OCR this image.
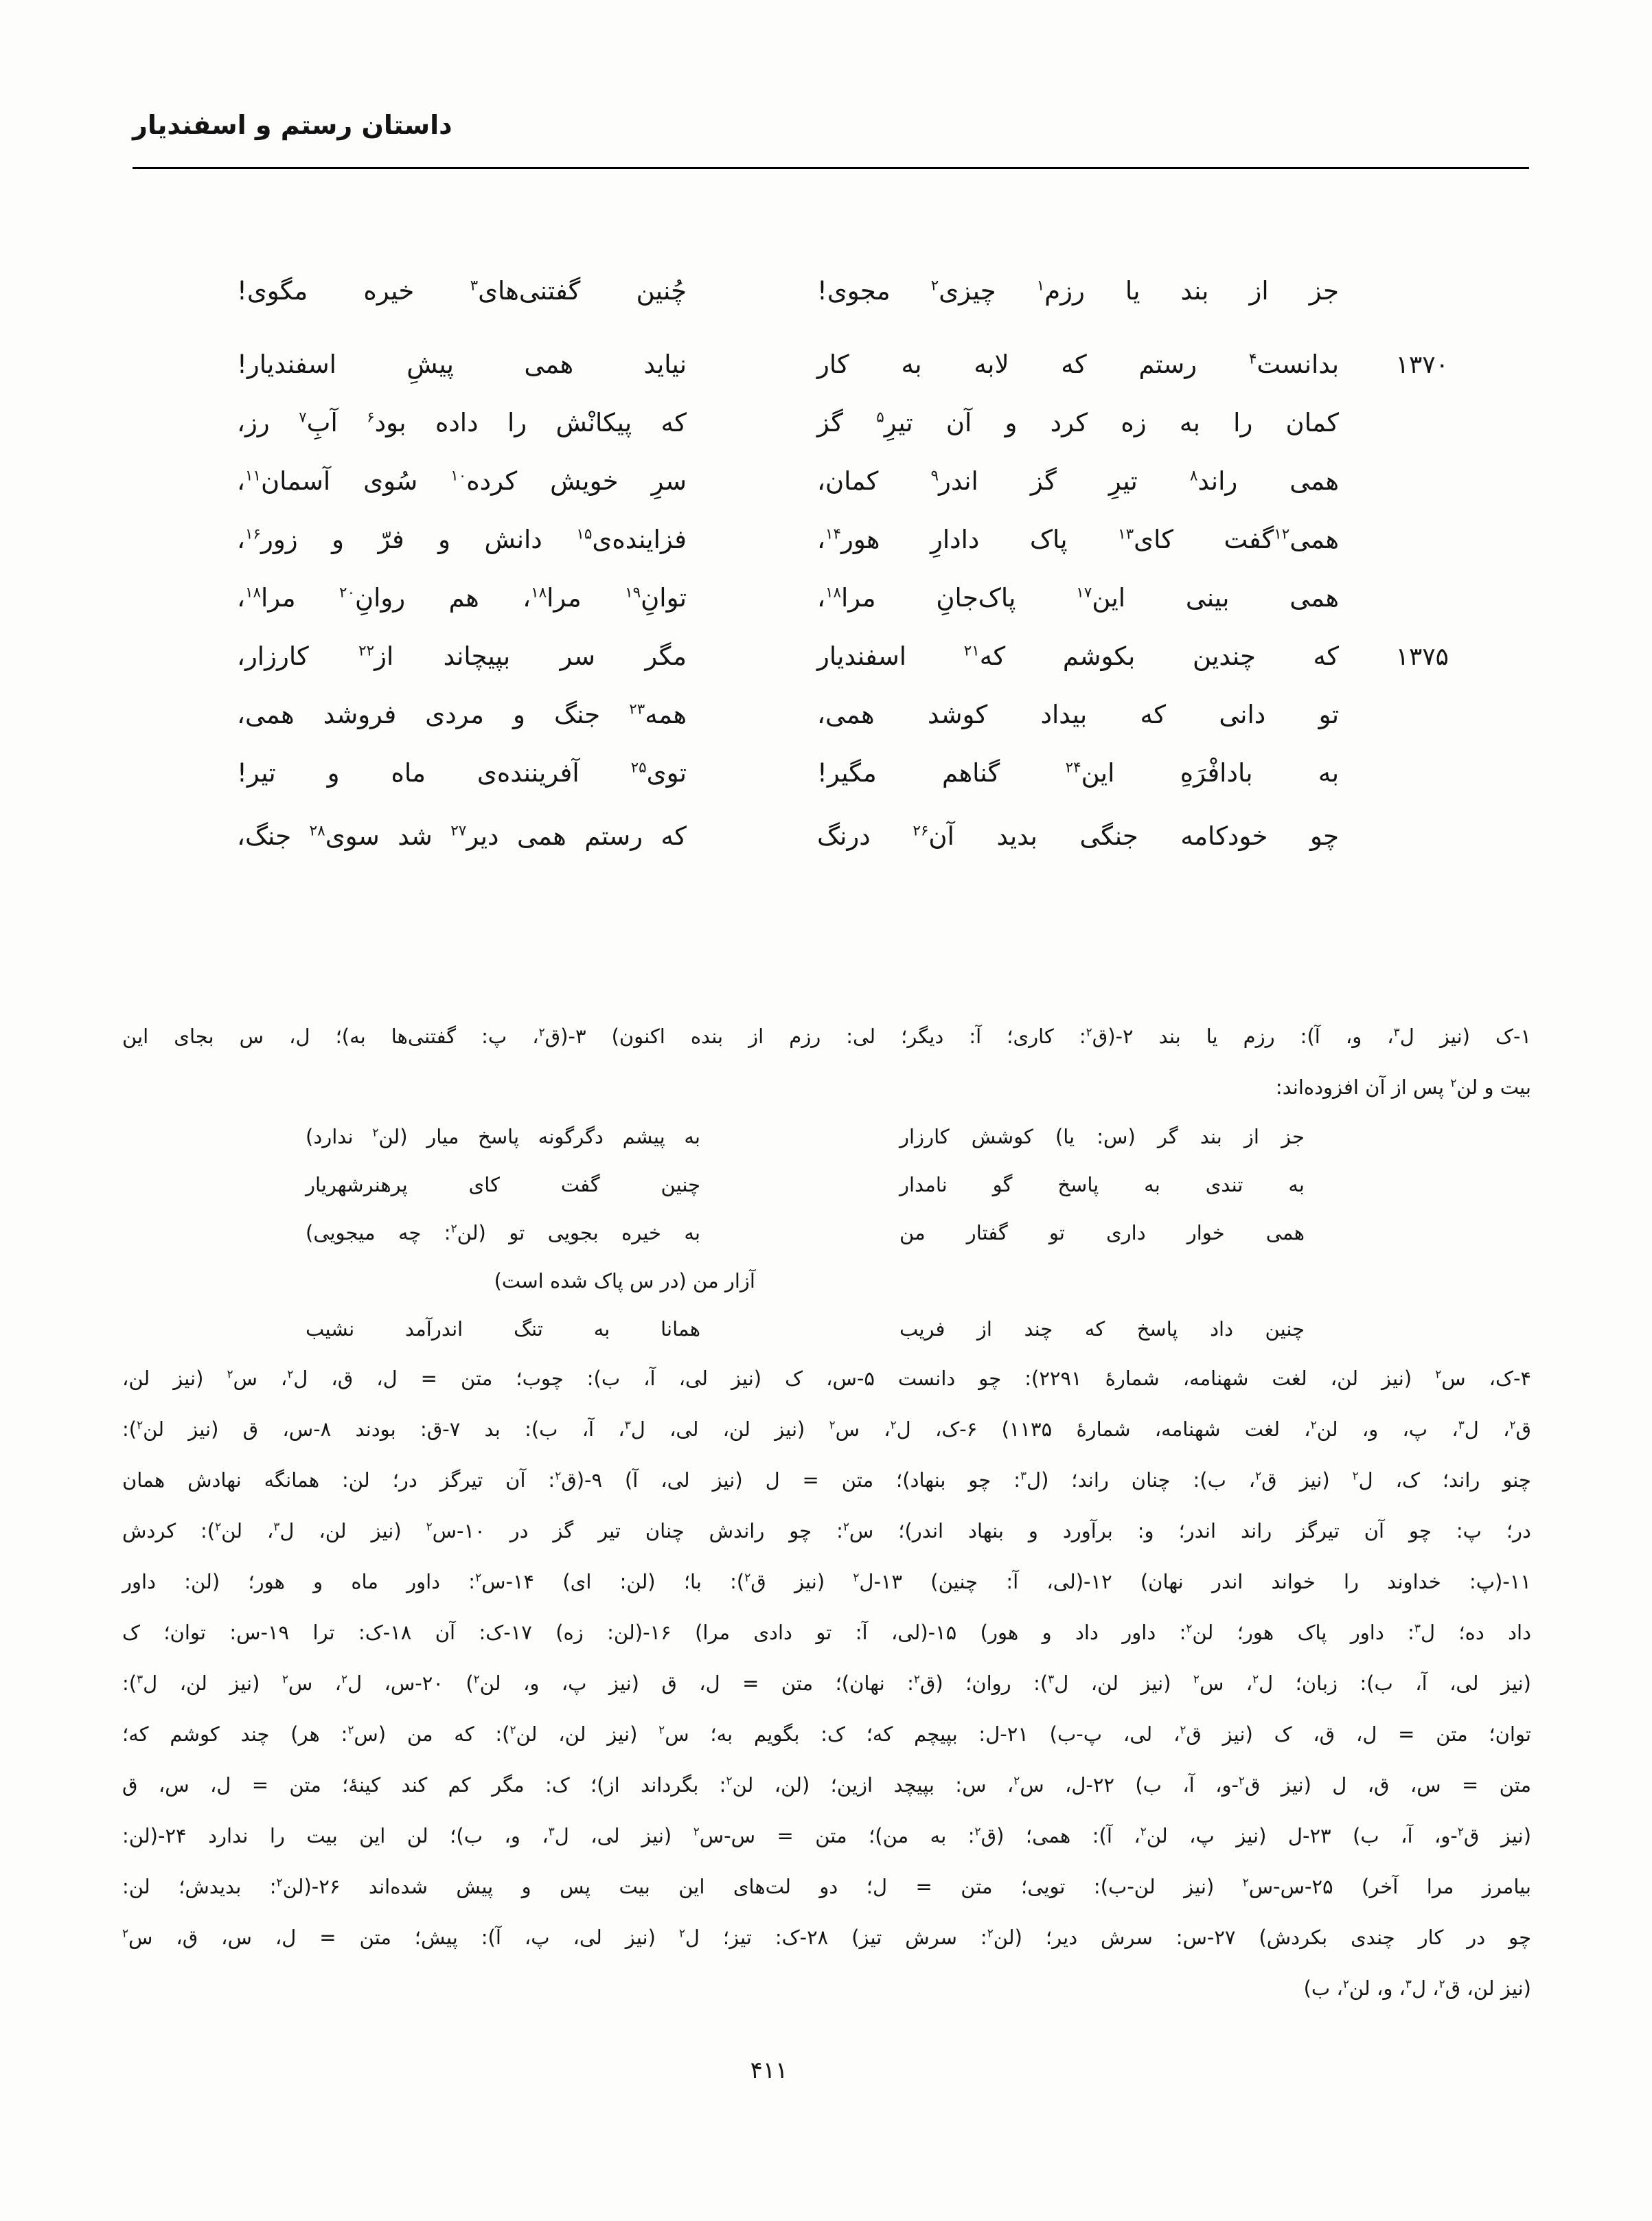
داستان رستم و اسفندیار
جز از بند یا رزم$^۱$ چیزی$^۲$ مجوی!
چُنین گفتنی‌های$^۳$ خیره مگوی!
۱۳۷۰
بدانست$^۴$ رستم که لابه به کار
نیاید همی پیشِ اسفندیار!
کمان را به زه کرد و آن تیرِ$^۵$ گز
که پیکانْش را داده بود$^۶$ آبِ$^۷$ رز،
همی راند$^۸$ تیرِ گز اندر$^۹$ کمان،
سرِ خویش کرده$^{۱۰}$ سُوی آسمان$^{۱۱}$،
همی$^{۱۲}$گفت کای$^{۱۳}$ پاک دادارِ هور$^{۱۴}$،
فزاینده‌ی$^{۱۵}$ دانش و فرّ و زور$^{۱۶}$،
همی بینی این$^{۱۷}$ پاک‌جانِ مرا$^{۱۸}$،
توانِ$^{۱۹}$ مرا$^{۱۸}$، هم روانِ$^{۲۰}$ مرا$^{۱۸}$،
۱۳۷۵
که چندین بکوشم که$^{۲۱}$ اسفندیار
مگر سر بپیچاند از$^{۲۲}$ کارزار،
تو دانی که بیداد کوشد همی،
همه$^{۲۳}$ جنگ و مردی فروشد همی،
به بادافْرَهِ این$^{۲۴}$ گناهم مگیر!
توی$^{۲۵}$ آفریننده‌ی ماه و تیر!
چو خودکامه جنگی بدید آن$^{۲۶}$ درنگ
که رستم همی دیر$^{۲۷}$ شد سوی$^{۲۸}$ جنگ،
۱-ک (نیز ل$^۳$، و، آ): رزم یا بند ۲-(ق$^۲$: کاری؛ آ: دیگر؛ لی: رزم از بنده اکنون) ۳-(ق$^۲$، پ: گفتنی‌ها به)؛ ل، س بجای این
بیت و لن$^۲$ پس از آن افزوده‌اند:
جز از بند گر (س: یا) کوشش کارزار
به پیشم دگرگونه پاسخ میار (لن$^۲$ ندارد)
به تندی به پاسخ گو نامدار
چنین گفت کای پرهنرشهریار
همی خوار داری تو گفتار من
به خیره بجویی تو (لن$^۲$: چه میجویی)
آزار من (در س پاک شده است)
چنین داد پاسخ که چند از فریب
همانا به تنگ اندرآمد نشیب
۴-ک، س$^۲$ (نیز لن، لغت شهنامه، شمارهٔ ۲۲۹۱): چو دانست ۵-س، ک (نیز لی، آ، ب): چوب؛ متن = ل، ق، ل$^۲$، س$^۲$ (نیز لن،
ق$^۲$، ل$^۳$، پ، و، لن$^۲$، لغت شهنامه، شمارهٔ ۱۱۳۵) ۶-ک، ل$^۲$، س$^۲$ (نیز لن، لی، ل$^۳$، آ، ب): بد ۷-ق: بودند ۸-س، ق (نیز لن$^۲$):
چنو راند؛ ک، ل$^۲$ (نیز ق$^۲$، ب): چنان راند؛ (ل$^۳$: چو بنهاد)؛ متن = ل (نیز لی، آ) ۹-(ق$^۲$: آن تیرگز در؛ لن: همانگه نهادش همان
در؛ پ: چو آن تیرگز راند اندر؛ و: برآورد و بنهاد اندر)؛ س$^۲$: چو راندش چنان تیر گز در ۱۰-س$^۲$ (نیز لن، ل$^۳$، لن$^۲$): کردش
۱۱-(پ: خداوند را خواند اندر نهان) ۱۲-(لی، آ: چنین) ۱۳-ل$^۲$ (نیز ق$^۲$): با؛ (لن: ای) ۱۴-س$^۲$: داور ماه و هور؛ (لن: داور
داد ده؛ ل$^۳$: داور پاک هور؛ لن$^۲$: داور داد و هور) ۱۵-(لی، آ: تو دادی مرا) ۱۶-(لن: زه) ۱۷-ک: آن ۱۸-ک: ترا ۱۹-س: توان؛ ک
(نیز لی، آ، ب): زبان؛ ل$^۲$، س$^۲$ (نیز لن، ل$^۳$): روان؛ (ق$^۲$: نهان)؛ متن = ل، ق (نیز پ، و، لن$^۲$) ۲۰-س، ل$^۲$، س$^۲$ (نیز لن، ل$^۳$):
توان؛ متن = ل، ق، ک (نیز ق$^۲$، لی، پ-ب) ۲۱-ل: بپیچم که؛ ک: بگویم به؛ س$^۲$ (نیز لن، لن$^۲$): که من (س$^۲$: هر) چند کوشم که؛
متن = س، ق، ل (نیز ق$^۲$-و، آ، ب) ۲۲-ل، س$^۲$، س: بپیچد ازین؛ (لن، لن$^۲$: بگرداند از)؛ ک: مگر کم کند کینهٔ؛ متن = ل، س، ق
(نیز ق$^۲$-و، آ، ب) ۲۳-ل (نیز پ، لن$^۲$، آ): همی؛ (ق$^۲$: به من)؛ متن = س-س$^۲$ (نیز لی، ل$^۳$، و، ب)؛ لن این بیت را ندارد ۲۴-(لن:
بیامرز مرا آخر) ۲۵-س-س$^۲$ (نیز لن-ب): تویی؛ متن = ل؛ دو لت‌های این بیت پس و پیش شده‌اند ۲۶-(لن$^۲$: بدیدش؛ لن:
چو در کار چندی بکردش) ۲۷-س: سرش دیر؛ (لن$^۲$: سرش تیز) ۲۸-ک: تیز؛ ل$^۲$ (نیز لی، پ، آ): پیش؛ متن = ل، س، ق، س$^۲$
(نیز لن، ق$^۲$، ل$^۳$، و، لن$^۲$، ب)
۴۱۱
